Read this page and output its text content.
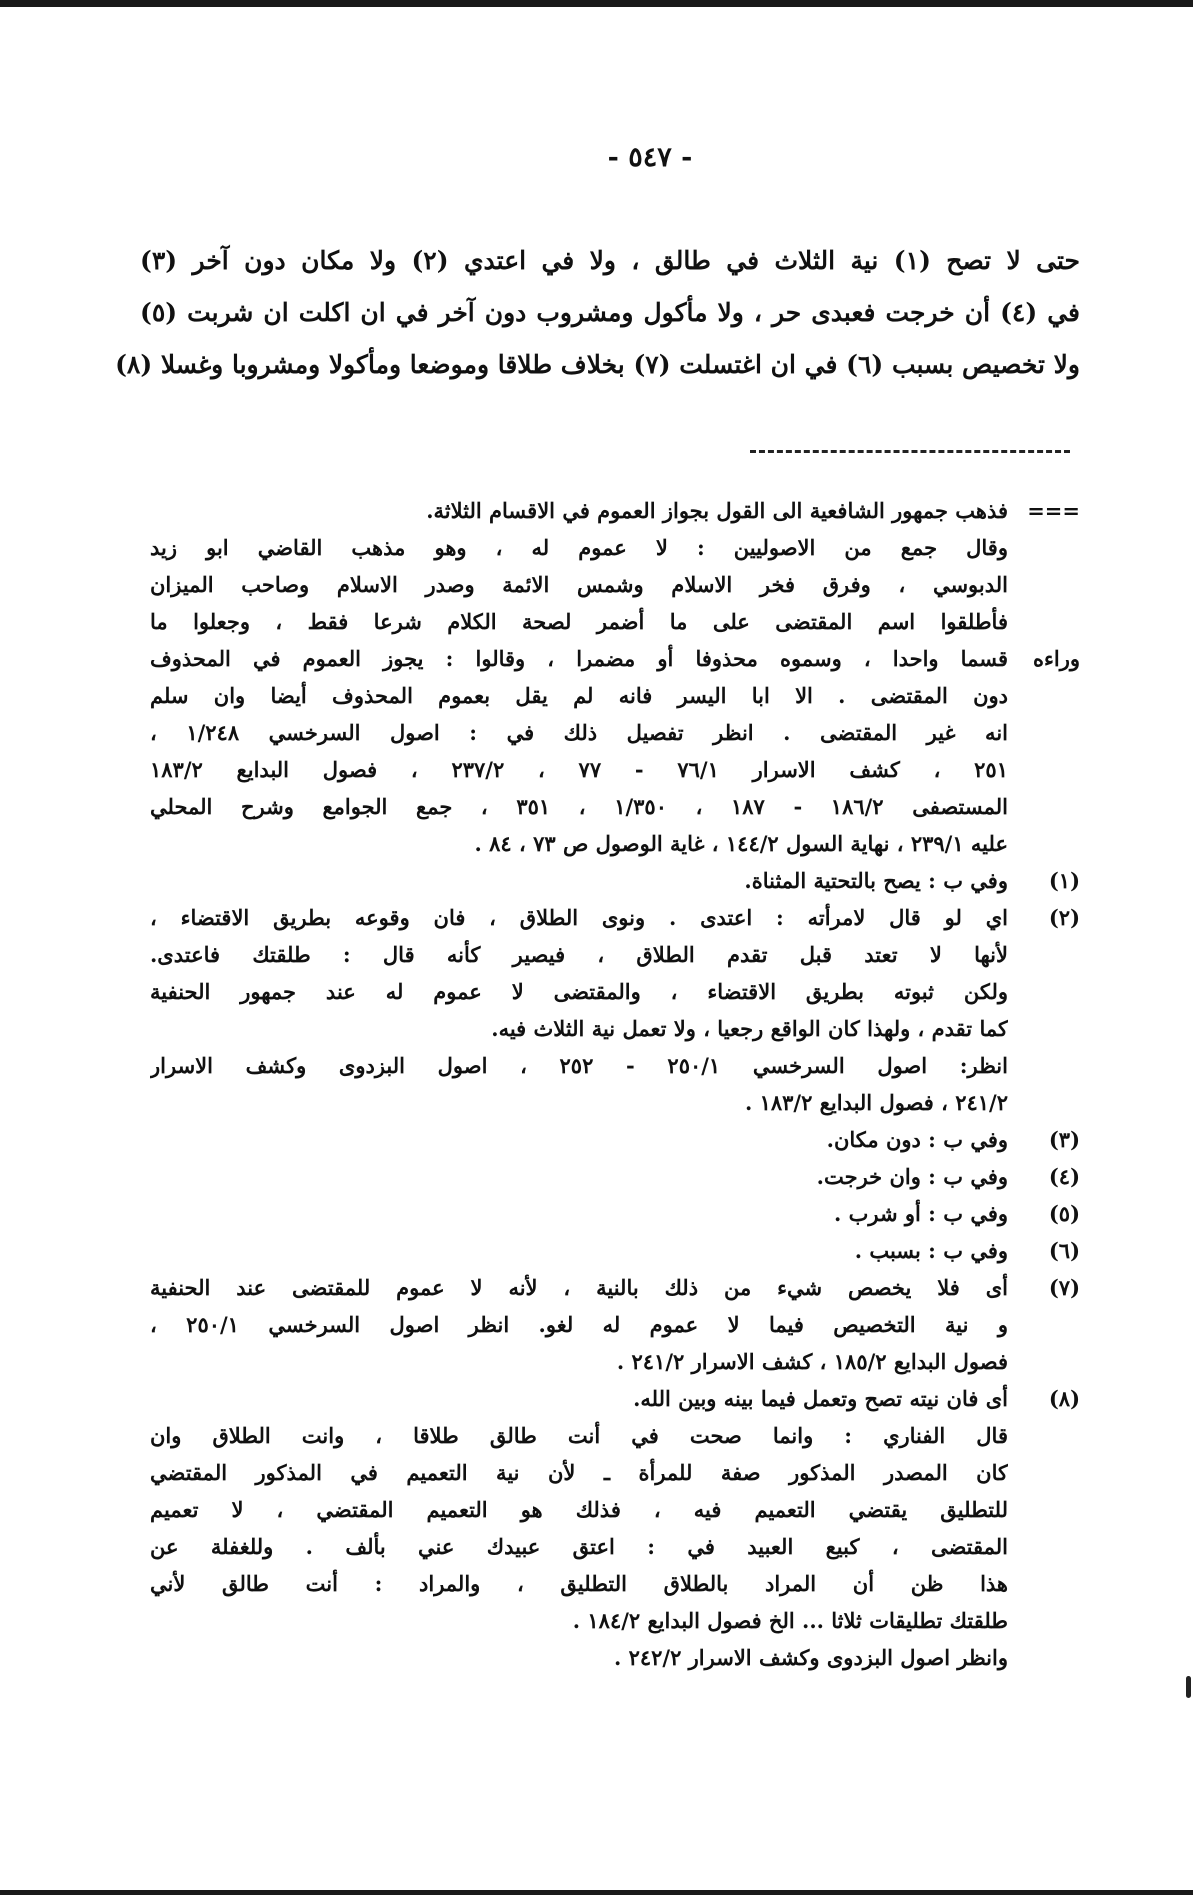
- ٥٤٧ -
حتى لا تصح (١) نية الثلاث في طالق ، ولا في اعتدي (٢) ولا مكان دون آخر (٣)
في (٤) أن خرجت فعبدى حر ، ولا مأكول ومشروب دون آخر في ان اكلت ان شربت (٥)
ولا تخصيص بسبب (٦) في ان اغتسلت (٧) بخلاف طلاقا وموضعا ومأكولا ومشروبا وغسلا (٨)
===
فذهب جمهور الشافعية الى القول بجواز العموم في الاقسام الثلاثة.
وقال جمع من الاصوليين : لا عموم له ، وهو مذهب القاضي ابو زيد
الدبوسي ، وفرق فخر الاسلام وشمس الائمة وصدر الاسلام وصاحب الميزان
فأطلقوا اسم المقتضى على ما أضمر لصحة الكلام شرعا فقط ، وجعلوا ما
وراءه
قسما واحدا ، وسموه محذوفا أو مضمرا ، وقالوا : يجوز العموم في المحذوف
دون المقتضى . الا ابا اليسر فانه لم يقل بعموم المحذوف أيضا وان سلم
انه غير المقتضى . انظر تفصيل ذلك في : اصول السرخسي ١/٢٤٨ ،
٢٥١ ، كشف الاسرار ٧٦/١ - ٧٧ ، ٢٣٧/٢ ، فصول البدايع ١٨٣/٢
المستصفى ١٨٦/٢ - ١٨٧ ، ١/٣٥٠ ، ٣٥١ ، جمع الجوامع وشرح المحلي
عليه ٢٣٩/١ ، نهاية السول ١٤٤/٢ ، غاية الوصول ص ٧٣ ، ٨٤ .
(١)
وفي ب : يصح بالتحتية المثناة.
(٢)
اي لو قال لامرأته : اعتدى . ونوى الطلاق ، فان وقوعه بطريق الاقتضاء ،
لأنها لا تعتد قبل تقدم الطلاق ، فيصير كأنه قال : طلقتك فاعتدى.
ولكن ثبوته بطريق الاقتضاء ، والمقتضى لا عموم له عند جمهور الحنفية
كما تقدم ، ولهذا كان الواقع رجعيا ، ولا تعمل نية الثلاث فيه.
انظر: اصول السرخسي ٢٥٠/١ - ٢٥٢ ، اصول البزدوى وكشف الاسرار
٢٤١/٢ ، فصول البدايع ١٨٣/٢ .
(٣)
وفي ب : دون مكان.
(٤)
وفي ب : وان خرجت.
(٥)
وفي ب : أو شرب .
(٦)
وفي ب : بسبب .
(٧)
أى فلا يخصص شيء من ذلك بالنية ، لأنه لا عموم للمقتضى عند الحنفية
و نية التخصيص فيما لا عموم له لغو. انظر اصول السرخسي ٢٥٠/١ ،
فصول البدايع ١٨٥/٢ ، كشف الاسرار ٢٤١/٢ .
(٨)
أى فان نيته تصح وتعمل فيما بينه وبين الله.
قال الفناري : وانما صحت في أنت طالق طلاقا ، وانت الطلاق وان
كان المصدر المذكور صفة للمرأة ـ لأن نية التعميم في المذكور المقتضي
للتطليق يقتضي التعميم فيه ، فذلك هو التعميم المقتضي ، لا تعميم
المقتضى ، كبيع العبيد في : اعتق عبيدك عني بألف . وللغفلة عن
هذا ظن أن المراد بالطلاق التطليق ، والمراد : أنت طالق لأني
طلقتك تطليقات ثلاثا ... الخ فصول البدايع ١٨٤/٢ .
وانظر اصول البزدوى وكشف الاسرار ٢٤٢/٢ .
